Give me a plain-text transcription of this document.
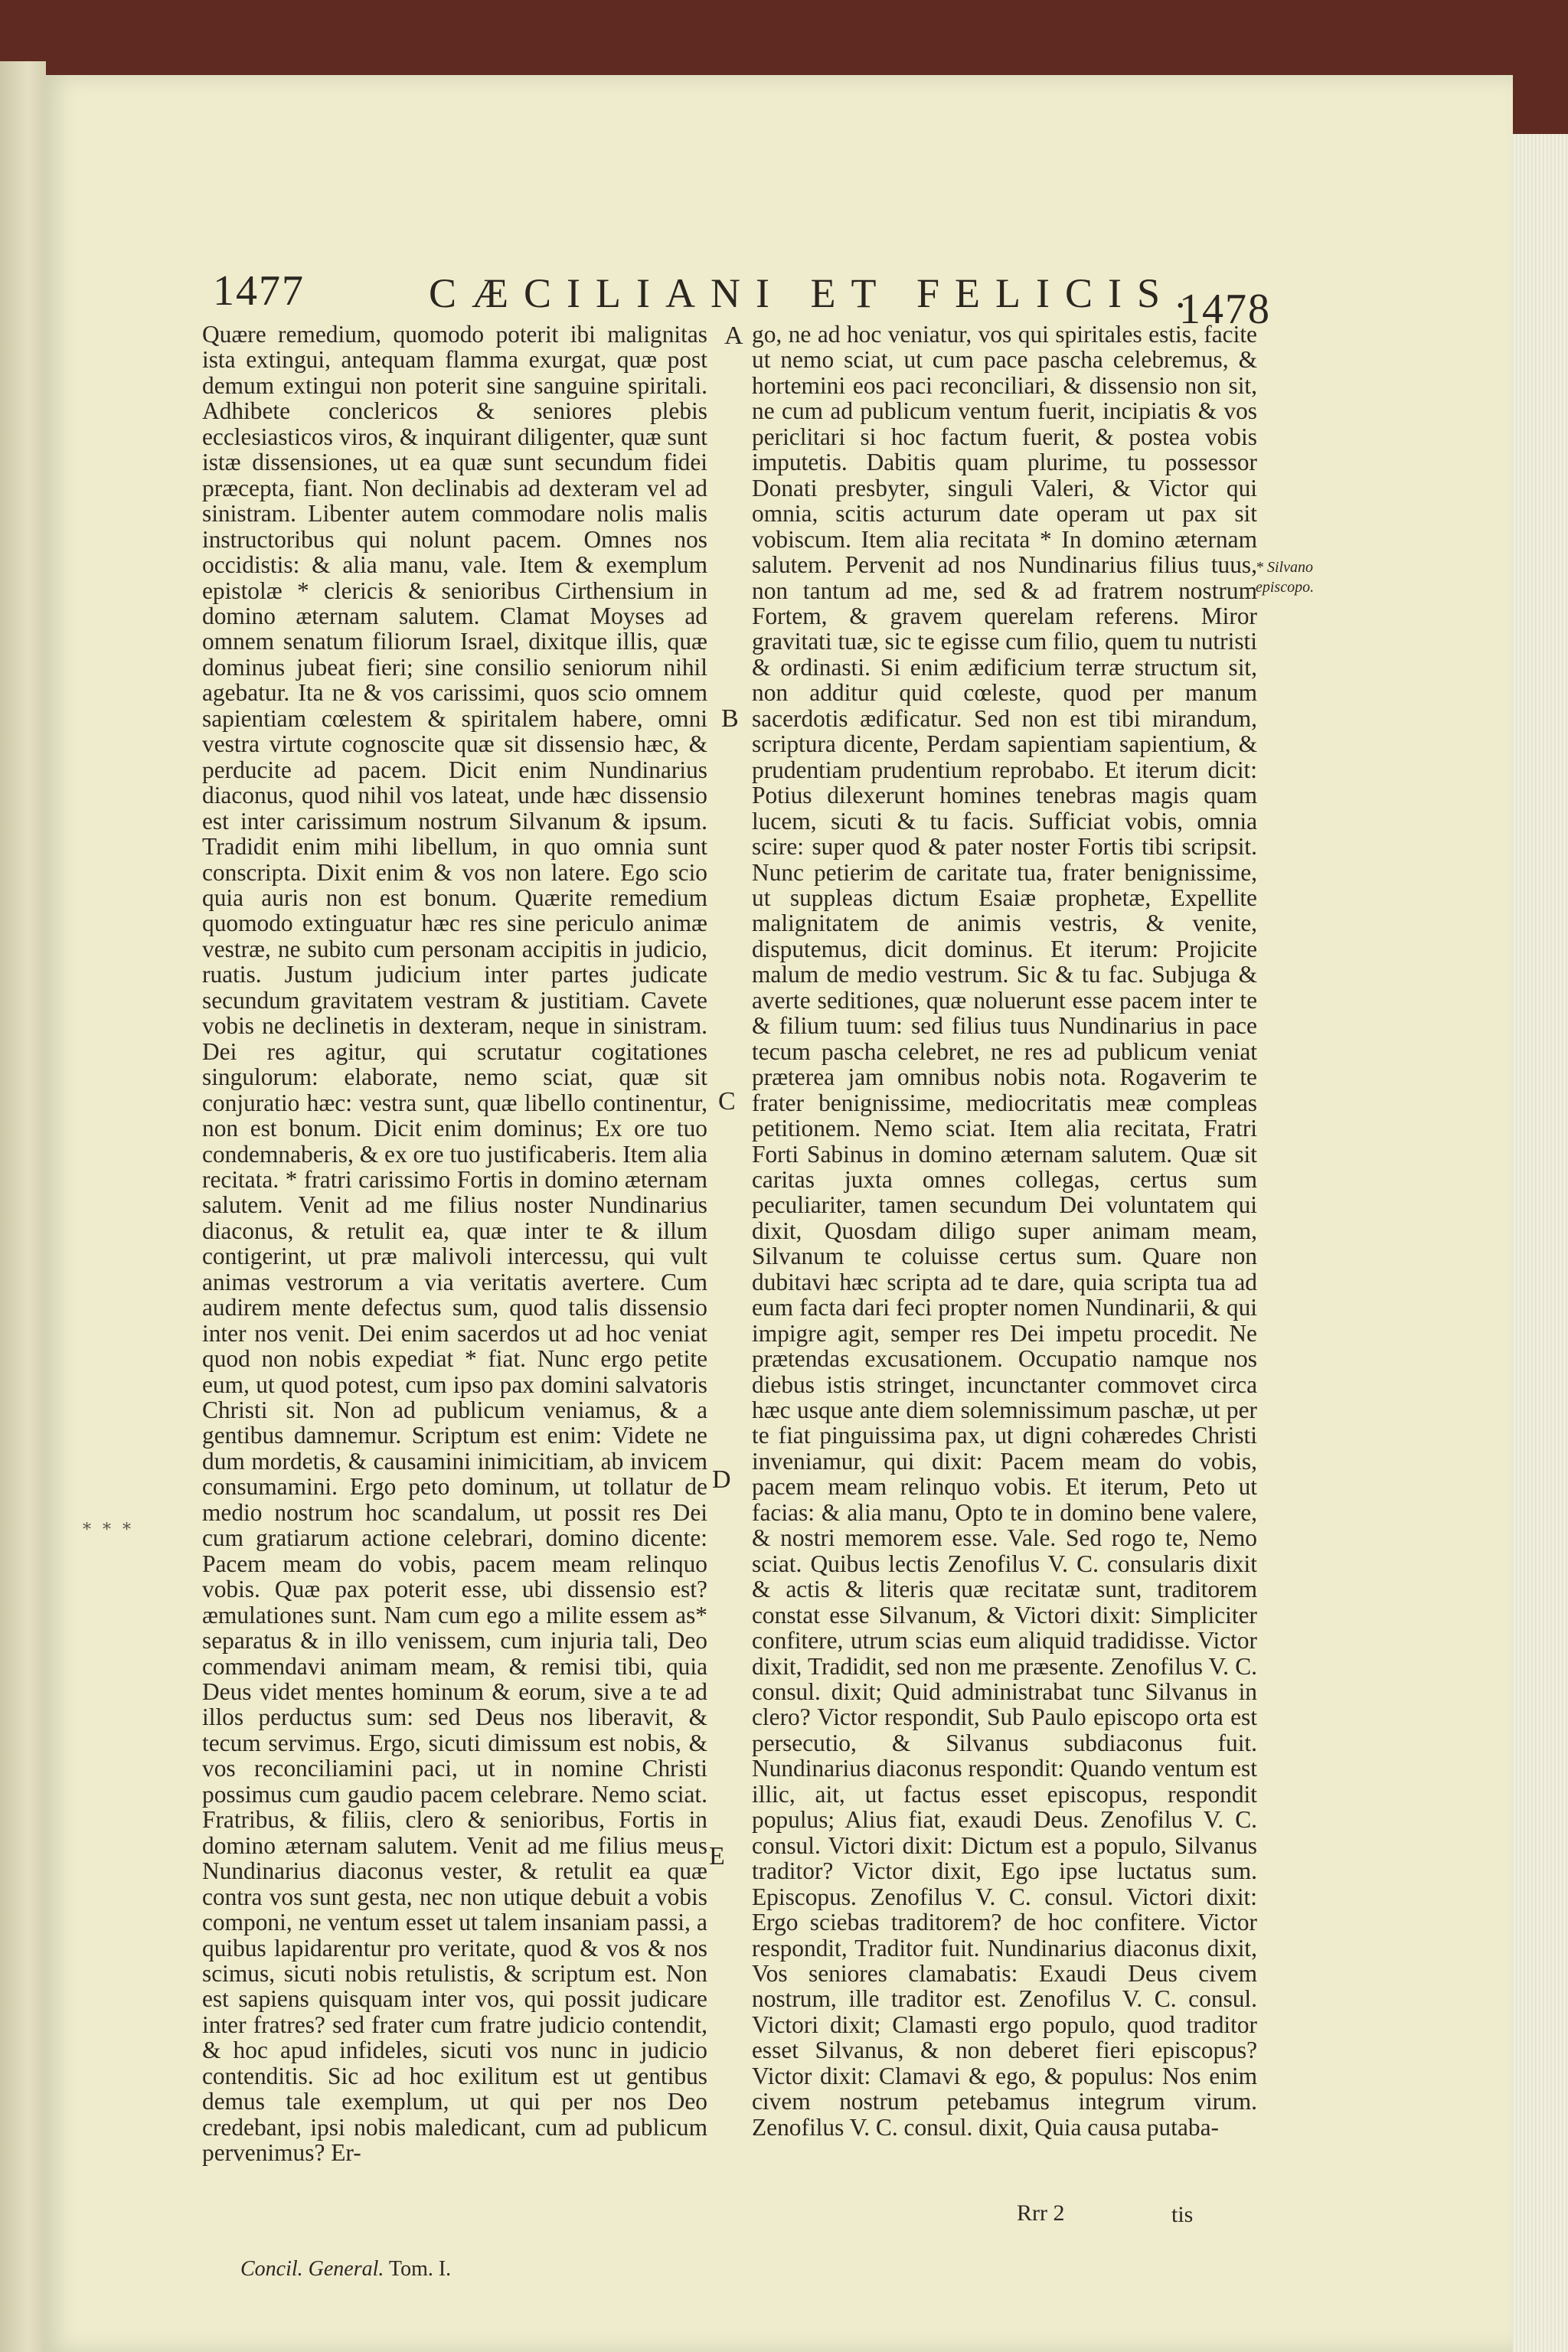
1477	CÆCILIANI ET FELICIS.
1478

Quære remedium, quomodo poterit ibi malignitas ista extingui, antequam flamma exurgat, quæ post demum extingui non poterit sine sanguine spiritali. Adhibete conclericos & seniores plebis ecclesiasticos viros, & inquirant diligenter, quæ sunt istæ dissensiones, ut ea quæ sunt secundum fidei præcepta, fiant. Non declinabis ad dexteram vel ad sinistram. Libenter autem commodare nolis malis instructoribus qui nolunt pacem. Omnes nos occidistis: & alia manu, vale. Item & exemplum epistolæ * clericis & senioribus Cirthensium in domino æternam salutem. Clamat Moyses ad omnem senatum filiorum Israel, dixitque illis, quæ dominus jubeat fieri; sine consilio seniorum nihil agebatur. Ita ne & vos carissimi, quos scio omnem sapientiam cœlestem & spiritalem habere, omni vestra virtute cognoscite quæ sit dissensio hæc, & perducite ad pacem. Dicit enim Nundinarius diaconus, quod nihil vos lateat, unde hæc dissensio est inter carissimum nostrum Silvanum & ipsum. Tradidit enim mihi libellum, in quo omnia sunt conscripta. Dixit enim & vos non latere. Ego scio quia auris non est bonum. Quærite remedium quomodo extinguatur hæc res sine periculo animæ vestræ, ne subito cum personam accipitis in judicio, ruatis. Justum judicium inter partes judicate secundum gravitatem vestram & justitiam. Cavete vobis ne declinetis in dexteram, neque in sinistram. Dei res agitur, qui scrutatur cogitationes singulorum: elaborate, nemo sciat, quæ sit conjuratio hæc: vestra sunt, quæ libello continentur, non est bonum. Dicit enim dominus; Ex ore tuo condemnaberis, & ex ore tuo justificaberis. Item alia recitata. * fratri carissimo Fortis in domino æternam salutem. Venit ad me filius noster Nundinarius diaconus, & retulit ea, quæ inter te & illum contigerint, ut præ malivoli intercessu, qui vult animas vestrorum a via veritatis avertere. Cum audirem mente defectus sum, quod talis dissensio inter nos venit. Dei enim sacerdos ut ad hoc veniat quod non nobis expediat * fiat. Nunc ergo petite eum, ut quod potest, cum ipso pax domini salvatoris Christi sit. Non ad publicum veniamus, & a gentibus damnemur. Scriptum est enim: Videte ne dum mordetis, & causamini inimicitiam, ab invicem consumamini. Ergo peto dominum, ut tollatur de medio nostrum hoc scandalum, ut possit res Dei cum gratiarum actione celebrari, domino dicente: Pacem meam do vobis, pacem meam relinquo vobis. Quæ pax poterit esse, ubi dissensio est? æmulationes sunt. Nam cum ego a milite essem as* separatus & in illo venissem, cum injuria tali, Deo commendavi animam meam, & remisi tibi, quia Deus videt mentes hominum & eorum, sive a te ad illos perductus sum: sed Deus nos liberavit, & tecum servimus. Ergo, sicuti dimissum est nobis, & vos reconciliamini paci, ut in nomine Christi possimus cum gaudio pacem celebrare. Nemo sciat. Fratribus, & filiis, clero & senioribus, Fortis in domino æternam salutem. Venit ad me filius meus Nundinarius diaconus vester, & retulit ea quæ contra vos sunt gesta, nec non utique debuit a vobis componi, ne ventum esset ut talem insaniam passi, a quibus lapidarentur pro veritate, quod & vos & nos scimus, sicuti nobis retulistis, & scriptum est. Non est sapiens quisquam inter vos, qui possit judicare inter fratres? sed frater cum fratre judicio contendit, & hoc apud infideles, sicuti vos nunc in judicio contenditis. Sic ad hoc exilitum est ut gentibus demus tale exemplum, ut qui per nos Deo credebant, ipsi nobis maledicant, cum ad publicum pervenimus? Er-

go, ne ad hoc veniatur, vos qui spiritales estis, facite ut nemo sciat, ut cum pace pascha celebremus, & hortemini eos paci reconciliari, & dissensio non sit, ne cum ad publicum ventum fuerit, incipiatis & vos periclitari si hoc factum fuerit, & postea vobis imputetis. Dabitis quam plurime, tu possessor Donati presbyter, singuli Valeri, & Victor qui omnia, scitis acturum date operam ut pax sit vobiscum. Item alia recitata * In domino æternam salutem. Pervenit ad nos Nundinarius filius tuus, non tantum ad me, sed & ad fratrem nostrum Fortem, & gravem querelam referens. Miror gravitati tuæ, sic te egisse cum filio, quem tu nutristi & ordinasti. Si enim ædificium terræ structum sit, non additur quid cœleste, quod per manum sacerdotis ædificatur. Sed non est tibi mirandum, scriptura dicente, Perdam sapientiam sapientium, & prudentiam prudentium reprobabo. Et iterum dicit: Potius dilexerunt homines tenebras magis quam lucem, sicuti & tu facis. Sufficiat vobis, omnia scire: super quod & pater noster Fortis tibi scripsit. Nunc petierim de caritate tua, frater benignissime, ut suppleas dictum Esaiæ prophetæ, Expellite malignitatem de animis vestris, & venite, disputemus, dicit dominus. Et iterum: Projicite malum de medio vestrum. Sic & tu fac. Subjuga & averte seditiones, quæ noluerunt esse pacem inter te & filium tuum: sed filius tuus Nundinarius in pace tecum pascha celebret, ne res ad publicum veniat præterea jam omnibus nobis nota. Rogaverim te frater benignissime, mediocritatis meæ compleas petitionem. Nemo sciat. Item alia recitata, Fratri Forti Sabinus in domino æternam salutem. Quæ sit caritas juxta omnes collegas, certus sum peculiariter, tamen secundum Dei voluntatem qui dixit, Quosdam diligo super animam meam, Silvanum te coluisse certus sum. Quare non dubitavi hæc scripta ad te dare, quia scripta tua ad eum facta dari feci propter nomen Nundinarii, & qui impigre agit, semper res Dei impetu procedit. Ne prætendas excusationem. Occupatio namque nos diebus istis stringet, incunctanter commovet circa hæc usque ante diem solemnissimum paschæ, ut per te fiat pinguissima pax, ut digni cohæredes Christi inveniamur, qui dixit: Pacem meam do vobis, pacem meam relinquo vobis. Et iterum, Peto ut facias: & alia manu, Opto te in domino bene valere, & nostri memorem esse. Vale. Sed rogo te, Nemo sciat. Quibus lectis Zenofilus V. C. consularis dixit & actis & literis quæ recitatæ sunt, traditorem constat esse Silvanum, & Victori dixit: Simpliciter confitere, utrum scias eum aliquid tradidisse. Victor dixit, Tradidit, sed non me præsente. Zenofilus V. C. consul. dixit; Quid administrabat tunc Silvanus in clero? Victor respondit, Sub Paulo episcopo orta est persecutio, & Silvanus subdiaconus fuit. Nundinarius diaconus respondit: Quando ventum est illic, ait, ut factus esset episcopus, respondit populus; Alius fiat, exaudi Deus. Zenofilus V. C. consul. Victori dixit: Dictum est a populo, Silvanus traditor? Victor dixit, Ego ipse luctatus sum. Episcopus. Zenofilus V. C. consul. Victori dixit: Ergo sciebas traditorem? de hoc confitere. Victor respondit, Traditor fuit. Nundinarius diaconus dixit, Vos seniores clamabatis: Exaudi Deus civem nostrum, ille traditor est. Zenofilus V. C. consul. Victori dixit; Clamasti ergo populo, quod traditor esset Silvanus, & non deberet fieri episcopus? Victor dixit: Clamavi & ego, & populus: Nos enim civem nostrum petebamus integrum virum. Zenofilus V. C. consul. dixit, Quia causa putaba-

A
B
C
D
E
* Silvano
episcopo.
* * *
Concil. General. Tom. I.
Rrr 2	tis
